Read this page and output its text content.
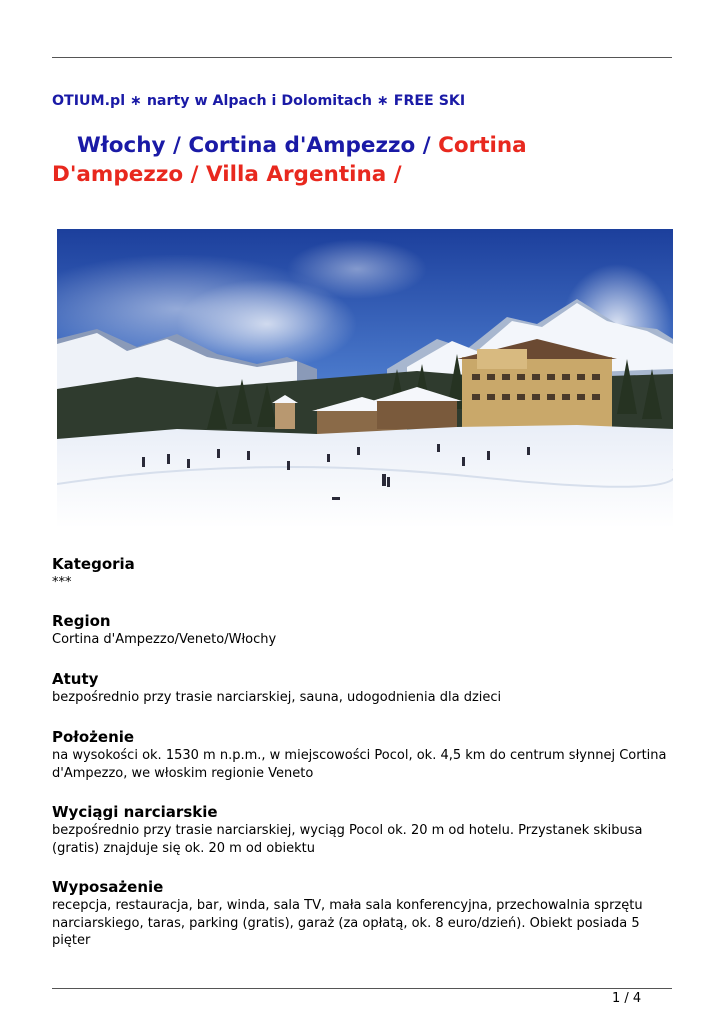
OTIUM.pl ∗ narty w Alpach i Dolomitach ∗ FREE SKI
Włochy / Cortina d'Ampezzo / Cortina D'ampezzo / Villa Argentina /
Kategoria

***

Region

Cortina d'Ampezzo/Veneto/Włochy

Atuty

bezpośrednio przy trasie narciarskiej, sauna, udogodnienia dla dzieci

Położenie

na wysokości ok. 1530 m n.p.m., w miejscowości Pocol, ok. 4,5 km do centrum słynnej Cortina d'Ampezzo, we włoskim regionie Veneto

Wyciągi narciarskie

bezpośrednio przy trasie narciarskiej, wyciąg Pocol ok. 20 m od hotelu. Przystanek skibusa (gratis) znajduje się ok. 20 m od obiektu

Wyposażenie

recepcja, restauracja, bar, winda, sala TV, mała sala konferencyjna, przechowalnia sprzętu narciarskiego, taras, parking (gratis), garaż (za opłatą, ok. 8 euro/dzień). Obiekt posiada 5 pięter

1 / 4
